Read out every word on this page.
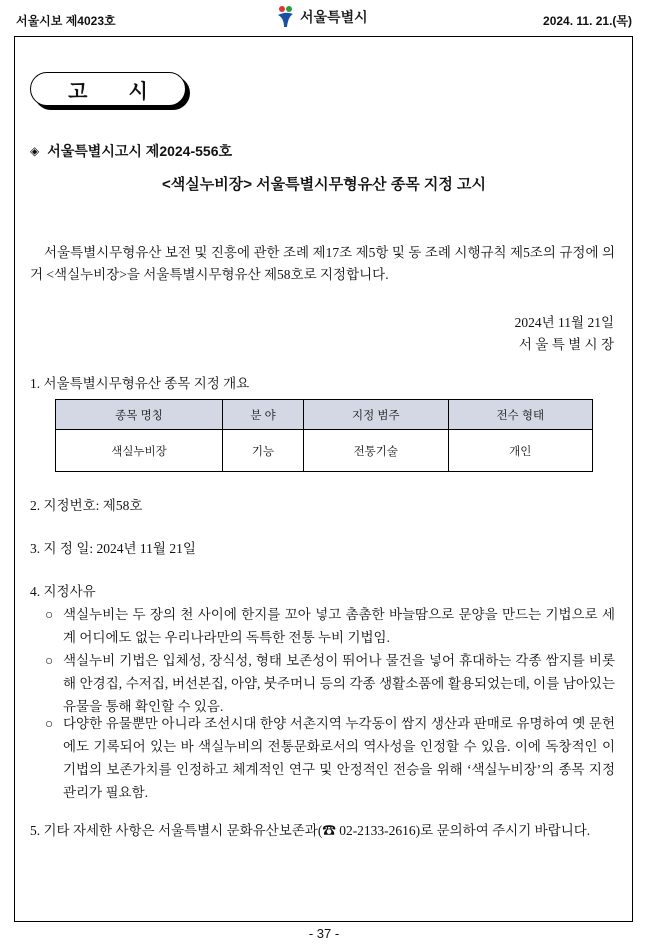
서울시보 제4023호	서울특별시	2024. 11. 21.(목)
고 시
◈ 서울특별시고시 제2024-556호
<색실누비장> 서울특별시무형유산 종목 지정 고시
서울특별시무형유산 보전 및 진흥에 관한 조례 제17조 제5항 및 동 조례 시행규칙 제5조의 규정에 의거 <색실누비장>을 서울특별시무형유산 제58호로 지정합니다.
2024년 11월 21일
서 울 특 별 시 장
1. 서울특별시무형유산 종목 지정 개요
종목 명칭	분 야	지정 범주	전수 형태
색실누비장	기능	전통기술	개인
2. 지정번호: 제58호
3. 지 정 일: 2024년 11월 21일
4. 지정사유
○ 색실누비는 두 장의 천 사이에 한지를 꼬아 넣고 촘촘한 바늘땀으로 문양을 만드는 기법으로 세계 어디에도 없는 우리나라만의 독특한 전통 누비 기법임.
○ 색실누비 기법은 입체성, 장식성, 형태 보존성이 뛰어나 물건을 넣어 휴대하는 각종 쌈지를 비롯해 안경집, 수저집, 버선본집, 아얌, 붓주머니 등의 각종 생활소품에 활용되었는데, 이를 남아있는 유물을 통해 확인할 수 있음.
○ 다양한 유물뿐만 아니라 조선시대 한양 서촌지역 누각동이 쌈지 생산과 판매로 유명하여 옛 문헌에도 기록되어 있는 바 색실누비의 전통문화로서의 역사성을 인정할 수 있음. 이에 독창적인 이 기법의 보존가치를 인정하고 체계적인 연구 및 안정적인 전승을 위해 ‘색실누비장’의 종목 지정 관리가 필요함.
5. 기타 자세한 사항은 서울특별시 문화유산보존과(☎ 02-2133-2616)로 문의하여 주시기 바랍니다.
- 37 -
